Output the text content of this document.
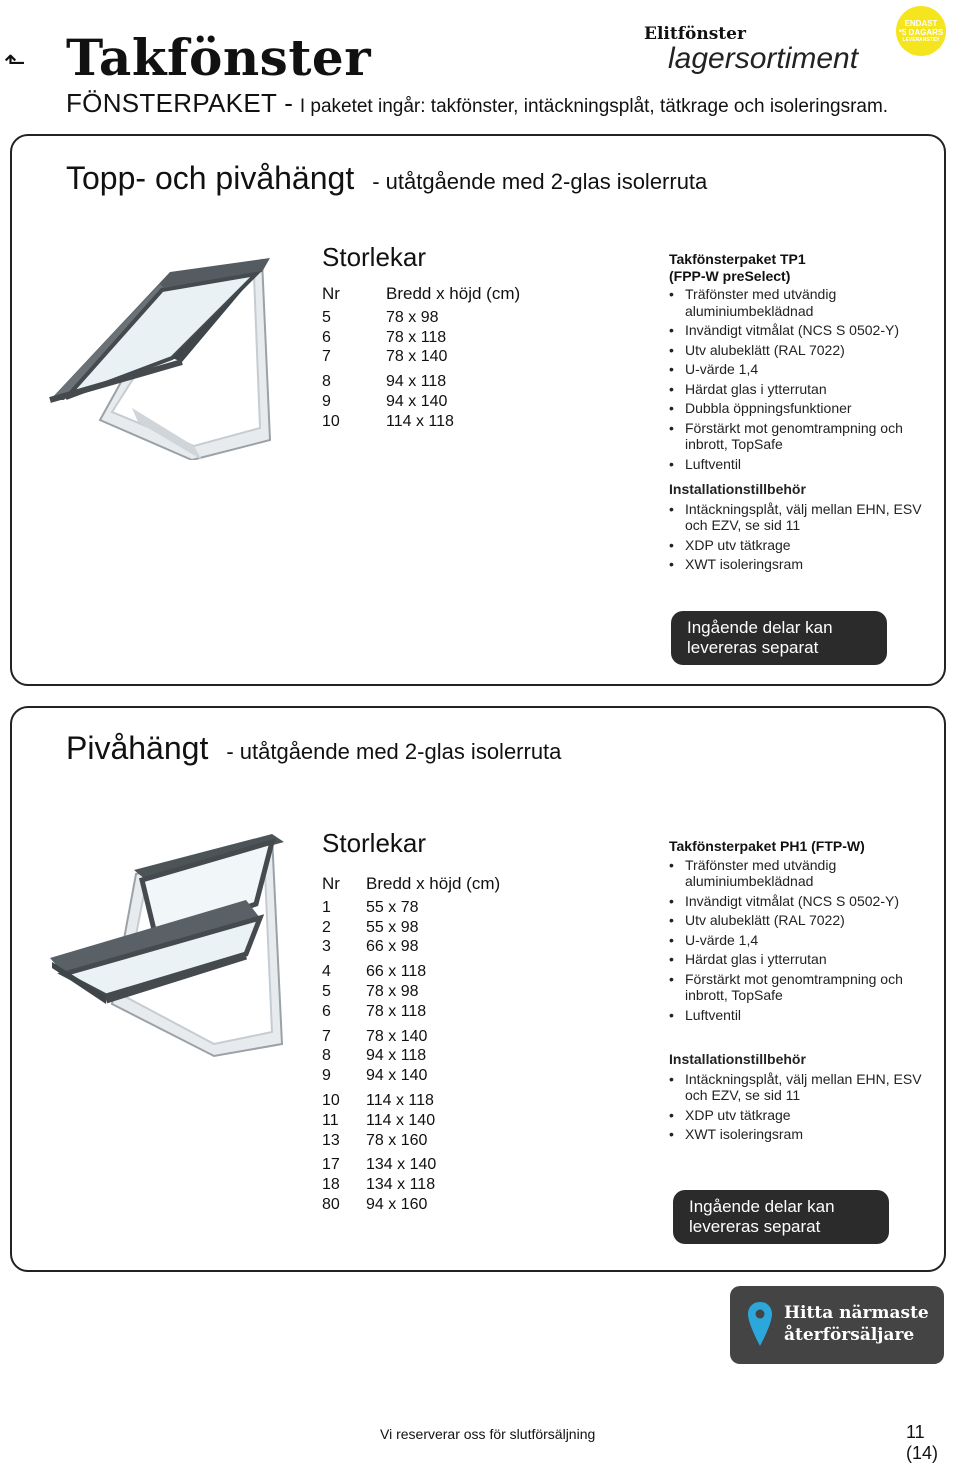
⬑ Takfönster
FÖNSTERPAKET - I paketet ingår: takfönster, intäckningsplåt, tätkrage och isoleringsram.
Elitfönster
lagersortiment
ENDAST
*5 DAGARS
LEVERANSTID!
Topp- och pivåhängt - utåtgående med 2-glas isolerruta
Storlekar
Nr	Bredd x höjd (cm)
5	78 x 98
6	78 x 118
7	78 x 140
8	94 x 118
9	94 x 140
10	114 x 118
Takfönsterpaket TP1
(FPP-W preSelect)
• Träfönster med utvändig aluminiumbeklädnad
• Invändigt vitmålat (NCS S 0502-Y)
• Utv alubeklätt (RAL 7022)
• U-värde 1,4
• Härdat glas i ytterrutan
• Dubbla öppningsfunktioner
• Förstärkt mot genomtrampning och inbrott, TopSafe
• Luftventil
Installationstillbehör
• Intäckningsplåt, välj mellan EHN, ESV och EZV, se sid 11
• XDP utv tätkrage
• XWT isoleringsram
Ingående delar kan
levereras separat
Pivåhängt - utåtgående med 2-glas isolerruta
Storlekar
Nr	Bredd x höjd (cm)
1	55 x 78
2	55 x 98
3	66 x 98
4	66 x 118
5	78 x 98
6	78 x 118
7	78 x 140
8	94 x 118
9	94 x 140
10	114 x 118
11	114 x 140
13	78 x 160
17	134 x 140
18	134 x 118
80	94 x 160
Takfönsterpaket PH1 (FTP-W)
• Träfönster med utvändig aluminiumbeklädnad
• Invändigt vitmålat (NCS S 0502-Y)
• Utv alubeklätt (RAL 7022)
• U-värde 1,4
• Härdat glas i ytterrutan
• Förstärkt mot genomtrampning och inbrott, TopSafe
• Luftventil
Installationstillbehör
• Intäckningsplåt, välj mellan EHN, ESV och EZV, se sid 11
• XDP utv tätkrage
• XWT isoleringsram
Ingående delar kan
levereras separat
Hitta närmaste
återförsäljare
Vi reserverar oss för slutförsäljning	11 (14)
